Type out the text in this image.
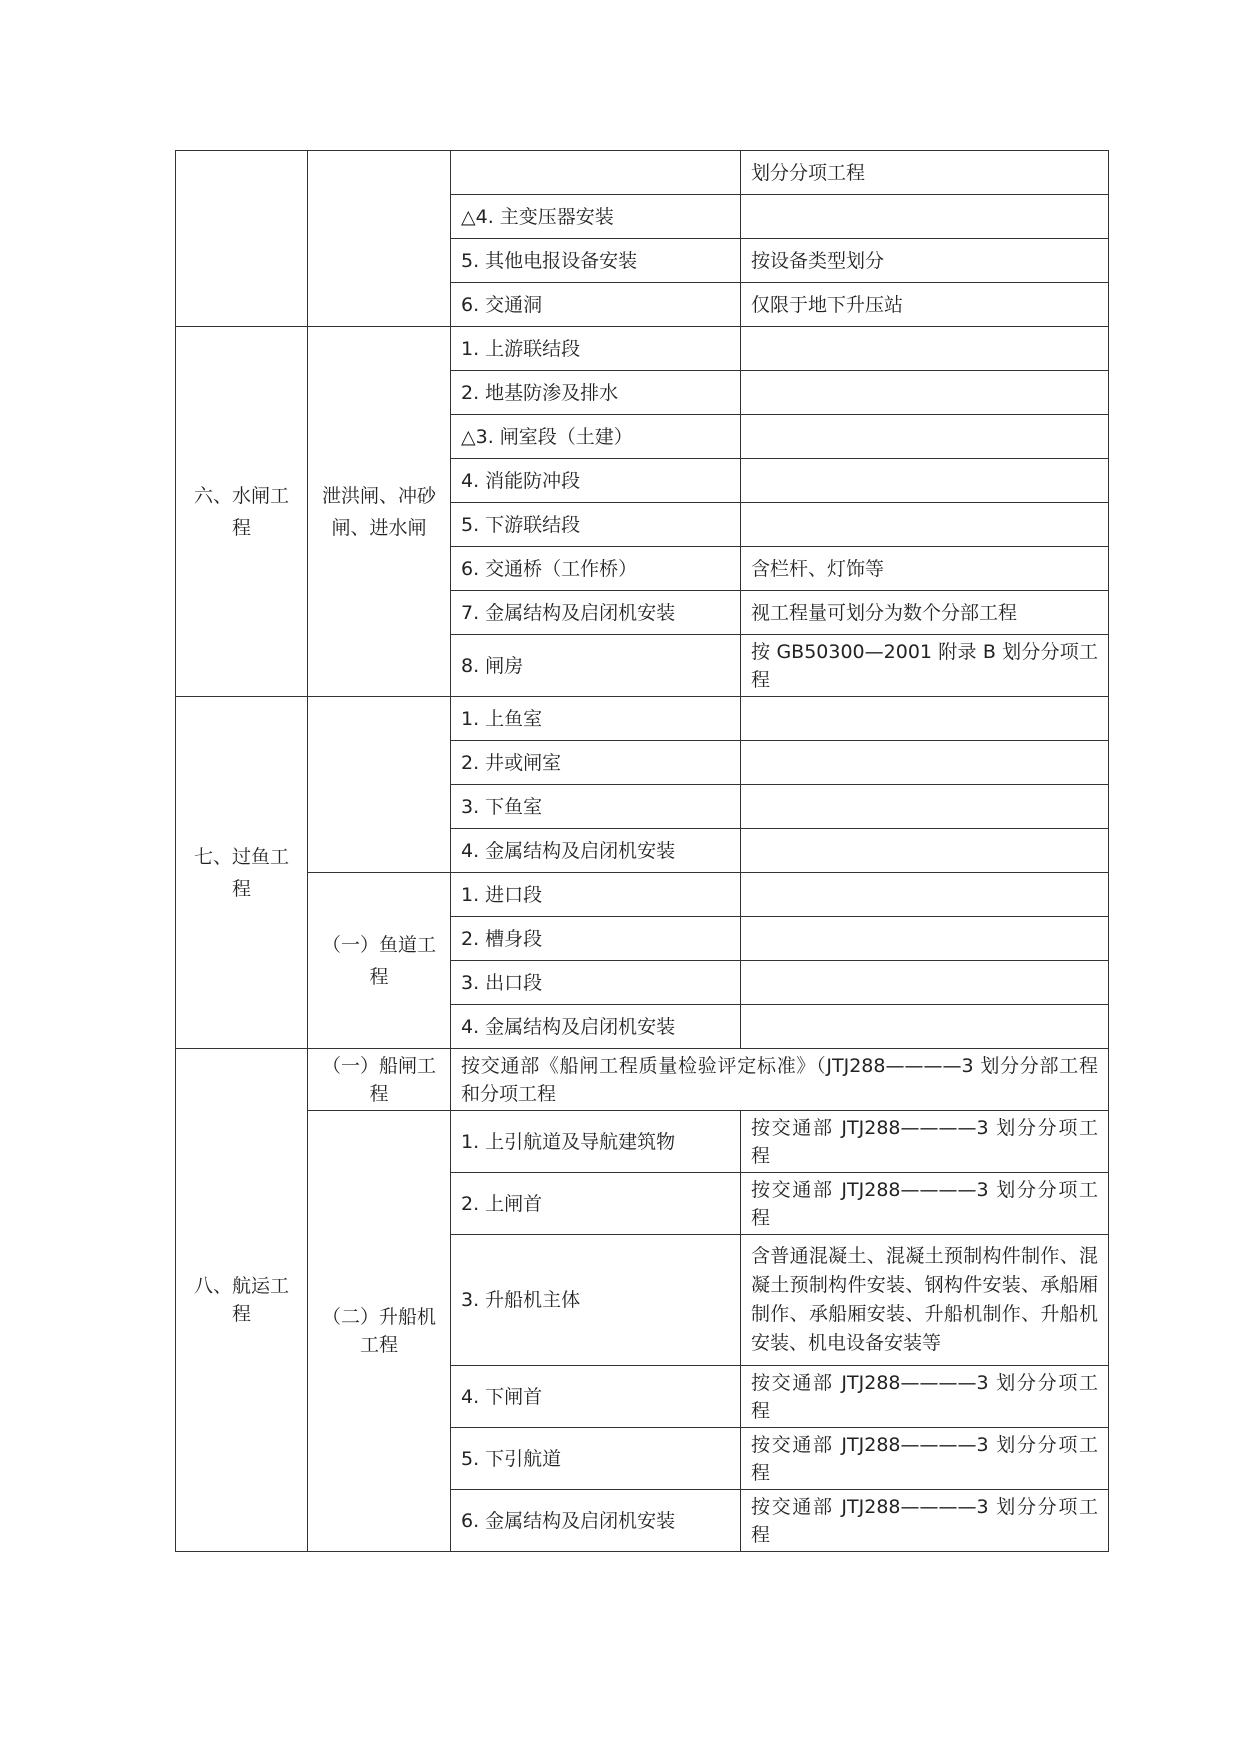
			划分分项工程
		△4. 主变压器安装	
		5. 其他电报设备安装	按设备类型划分
		6. 交通洞	仅限于地下升压站
六、水闸工程	泄洪闸、冲砂闸、进水闸	1. 上游联结段	
		2. 地基防渗及排水	
		△3. 闸室段（土建）	
		4. 消能防冲段	
		5. 下游联结段	
		6. 交通桥（工作桥）	含栏杆、灯饰等
		7. 金属结构及启闭机安装	视工程量可划分为数个分部工程
		8. 闸房	按 GB50300—2001 附录 B 划分分项工程
七、过鱼工程		1. 上鱼室	
		2. 井或闸室	
		3. 下鱼室	
		4. 金属结构及启闭机安装	
	（一）鱼道工程	1. 进口段	
		2. 槽身段	
		3. 出口段	
		4. 金属结构及启闭机安装	
八、航运工程	（一）船闸工程	按交通部《船闸工程质量检验评定标准》（JTJ288————3 划分分部工程和分项工程	
	（二）升船机工程	1. 上引航道及导航建筑物	按交通部 JTJ288————3 划分分项工程
		2. 上闸首	按交通部 JTJ288————3 划分分项工程
		3. 升船机主体	含普通混凝土、混凝土预制构件制作、混凝土预制构件安装、钢构件安装、承船厢制作、承船厢安装、升船机制作、升船机安装、机电设备安装等
		4. 下闸首	按交通部 JTJ288————3 划分分项工程
		5. 下引航道	按交通部 JTJ288————3 划分分项工程
		6. 金属结构及启闭机安装	按交通部 JTJ288————3 划分分项工程
